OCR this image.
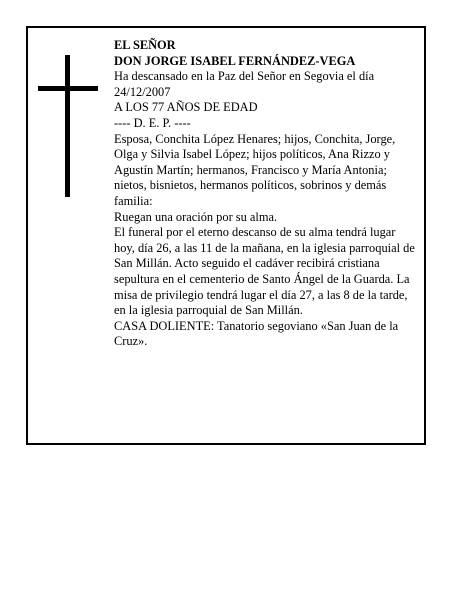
EL SEÑOR

DON JORGE ISABEL FERNÁNDEZ-VEGA

Ha descansado en la Paz del Señor en Segovia el día 24/12/2007

A LOS 77 AÑOS DE EDAD

---- D. E. P. ----

Esposa, Conchita López Henares; hijos, Conchita, Jorge, Olga y Silvia Isabel López; hijos políticos, Ana Rizzo y Agustín Martín; hermanos, Francisco y María Antonia; nietos, bisnietos, hermanos políticos, sobrinos y demás familia:

Ruegan una oración por su alma.

El funeral por el eterno descanso de su alma tendrá lugar hoy, día 26, a las 11 de la mañana, en la iglesia parroquial de San Millán. Acto seguido el cadáver recibirá cristiana sepultura en el cementerio de Santo Ángel de la Guarda. La misa de privilegio tendrá lugar el día 27, a las 8 de la tarde, en la iglesia parroquial de San Millán.

CASA DOLIENTE: Tanatorio segoviano «San Juan de la Cruz».
